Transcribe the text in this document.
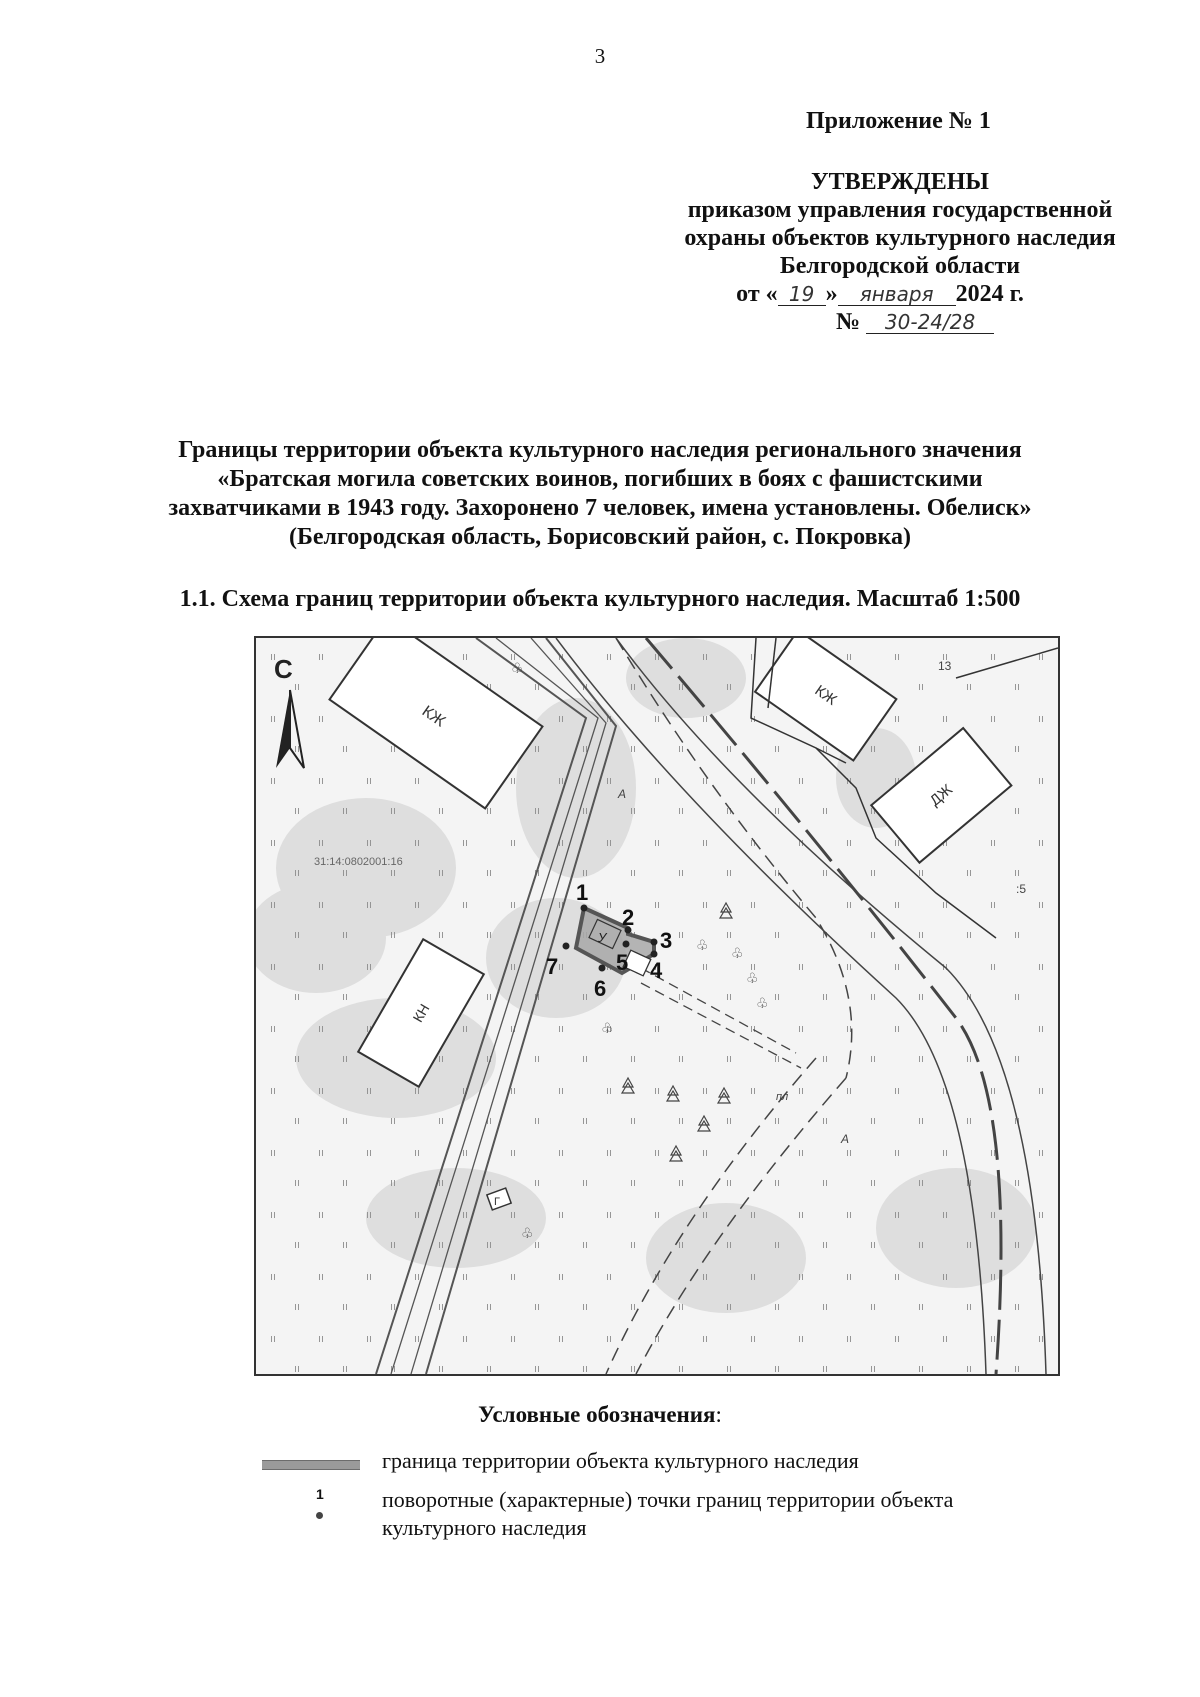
3
Приложение № 1
УТВЕРЖДЕНЫ
приказом управления государственной
охраны объектов культурного наследия
Белгородской области
от « 19 » января 2024 г.
№ 30-24/28
Границы территории объекта культурного наследия регионального значения
«Братская могила советских воинов, погибших в боях с фашистскими
захватчиками в 1943 году. Захоронено 7 человек, имена установлены. Обелиск»
(Белгородская область, Борисовский район, с. Покровка)
1.1. Схема границ территории объекта культурного наследия. Масштаб 1:500
КЖ
КЖ
ДЖ
КН
13
:5
А
А
пл
31:14:0802001:16
С	♧
♧
♧
♧
♧
♧
♧
Г
У
1
2
3
4
5
6
7
Условные обозначения:
граница территории объекта культурного наследия
1	поворотные (характерные) точки границ территории объекта культурного наследия
